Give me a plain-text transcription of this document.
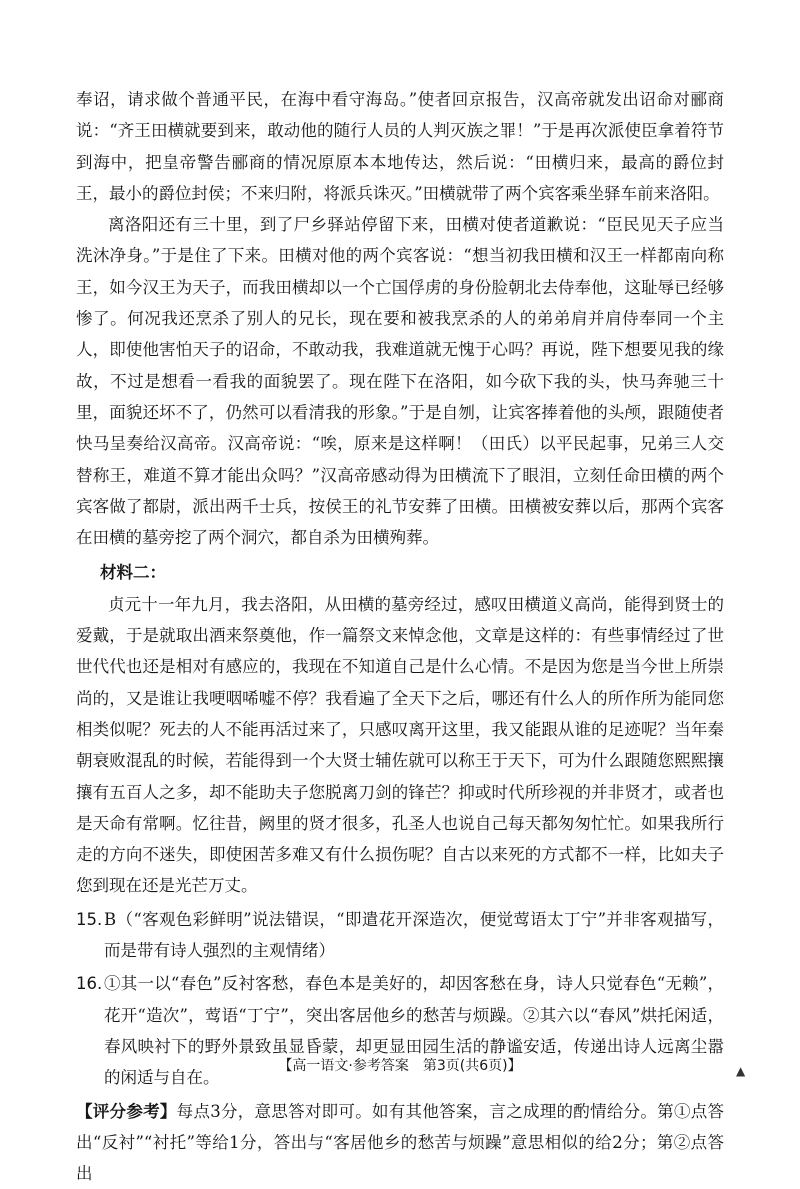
奉诏，请求做个普通平民，在海中看守海岛。”使者回京报告，汉高帝就发出诏命对郦商说：“齐王田横就要到来，敢动他的随行人员的人判灭族之罪！”于是再次派使臣拿着符节到海中，把皇帝警告郦商的情况原原本本地传达，然后说：“田横归来，最高的爵位封王，最小的爵位封侯；不来归附，将派兵诛灭。”田横就带了两个宾客乘坐驿车前来洛阳。

离洛阳还有三十里，到了尸乡驿站停留下来，田横对使者道歉说：“臣民见天子应当洗沐净身。”于是住了下来。田横对他的两个宾客说：“想当初我田横和汉王一样都南向称王，如今汉王为天子，而我田横却以一个亡国俘虏的身份脸朝北去侍奉他，这耻辱已经够惨了。何况我还烹杀了别人的兄长，现在要和被我烹杀的人的弟弟肩并肩侍奉同一个主人，即使他害怕天子的诏命，不敢动我，我难道就无愧于心吗？再说，陛下想要见我的缘故，不过是想看一看我的面貌罢了。现在陛下在洛阳，如今砍下我的头，快马奔驰三十里，面貌还坏不了，仍然可以看清我的形象。”于是自刎，让宾客捧着他的头颅，跟随使者快马呈奏给汉高帝。汉高帝说：“唉，原来是这样啊！（田氏）以平民起事，兄弟三人交替称王，难道不算才能出众吗？”汉高帝感动得为田横流下了眼泪，立刻任命田横的两个宾客做了都尉，派出两千士兵，按侯王的礼节安葬了田横。田横被安葬以后，那两个宾客在田横的墓旁挖了两个洞穴，都自杀为田横殉葬。

材料二：

贞元十一年九月，我去洛阳，从田横的墓旁经过，感叹田横道义高尚，能得到贤士的爱戴，于是就取出酒来祭奠他，作一篇祭文来悼念他，文章是这样的：有些事情经过了世世代代也还是相对有感应的，我现在不知道自己是什么心情。不是因为您是当今世上所崇尚的，又是谁让我哽咽唏嘘不停？我看遍了全天下之后，哪还有什么人的所作所为能同您相类似呢？死去的人不能再活过来了，只感叹离开这里，我又能跟从谁的足迹呢？当年秦朝衰败混乱的时候，若能得到一个大贤士辅佐就可以称王于天下，可为什么跟随您熙熙攘攘有五百人之多，却不能助夫子您脱离刀剑的锋芒？抑或时代所珍视的并非贤才，或者也是天命有常啊。忆往昔，阙里的贤才很多，孔圣人也说自己每天都匆匆忙忙。如果我所行走的方向不迷失，即使困苦多难又有什么损伤呢？自古以来死的方式都不一样，比如夫子您到现在还是光芒万丈。

15. B（“客观色彩鲜明”说法错误，“即遣花开深造次，便觉莺语太丁宁”并非客观描写，而是带有诗人强烈的主观情绪）

16. ①其一以“春色”反衬客愁，春色本是美好的，却因客愁在身，诗人只觉春色“无赖”，花开“造次”，莺语“丁宁”，突出客居他乡的愁苦与烦躁。②其六以“春风”烘托闲适，春风映衬下的野外景致虽显昏蒙，却更显田园生活的静谧安适，传递出诗人远离尘嚣的闲适与自在。

【评分参考】每点3分，意思答对即可。如有其他答案，言之成理的酌情给分。第①点答出“反衬”“衬托”等给1分，答出与“客居他乡的愁苦与烦躁”意思相似的给2分；第②点答出

【高一语文·参考答案　第3页(共6页)】	▲
